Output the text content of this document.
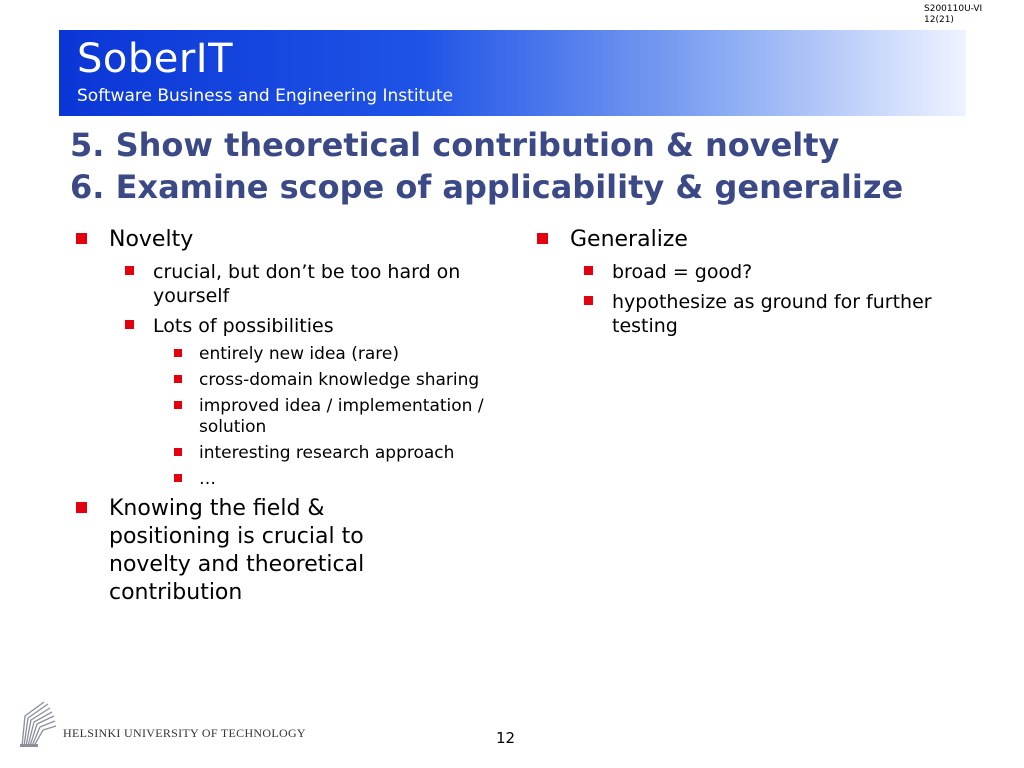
S200110U-VI
12(21)
SoberIT
Software Business and Engineering Institute
5. Show theoretical contribution & novelty
6. Examine scope of applicability & generalize
Novelty
crucial, but don’t be too hard on yourself
Lots of possibilities
entirely new idea (rare)
cross-domain knowledge sharing
improved idea / implementation / solution
interesting research approach
…
Knowing the field & positioning is crucial to novelty and theoretical contribution
Generalize
broad = good?
hypothesize as ground for further testing
HELSINKI UNIVERSITY OF TECHNOLOGY	12
